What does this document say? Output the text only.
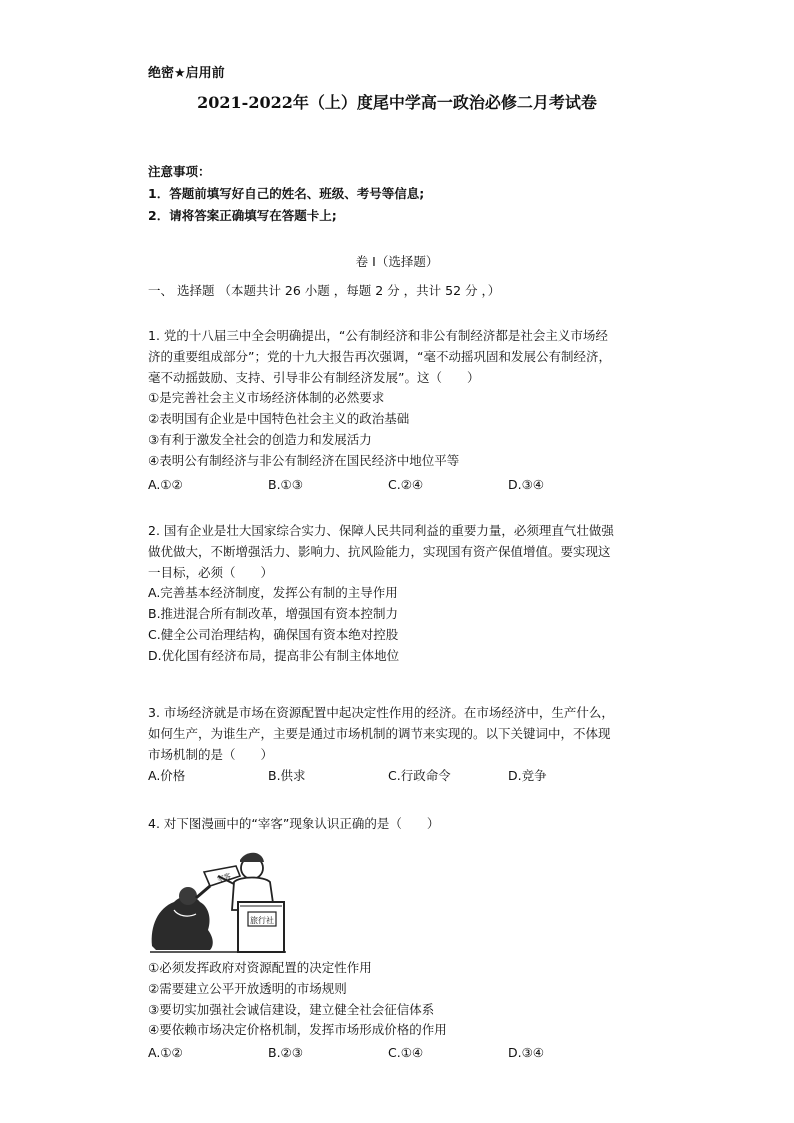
绝密★启用前
2021-2022年（上）度尾中学高一政治必修二月考试卷
注意事项：
1．答题前填写好自己的姓名、班级、考号等信息;
2．请将答案正确填写在答题卡上;
卷 I（选择题）
一、 选择题 （本题共计 26 小题 ，每题 2 分 ，共计 52 分 ，）
1. 党的十八届三中全会明确提出，“公有制经济和非公有制经济都是社会主义市场经
济的重要组成部分”；党的十九大报告再次强调，“毫不动摇巩固和发展公有制经济，
毫不动摇鼓励、支持、引导非公有制经济发展”。这（　　）
①是完善社会主义市场经济体制的必然要求
②表明国有企业是中国特色社会主义的政治基础
③有利于激发全社会的创造力和发展活力
④表明公有制经济与非公有制经济在国民经济中地位平等
A.①②	B.①③	C.②④	D.③④
2. 国有企业是壮大国家综合实力、保障人民共同利益的重要力量，必须理直气壮做强
做优做大，不断增强活力、影响力、抗风险能力，实现国有资产保值增值。要实现这
一目标，必须（　　）
A.完善基本经济制度，发挥公有制的主导作用
B.推进混合所有制改革，增强国有资本控制力
C.健全公司治理结构，确保国有资本绝对控股
D.优化国有经济布局，提高非公有制主体地位
3. 市场经济就是市场在资源配置中起决定性作用的经济。在市场经济中，生产什么，
如何生产，为谁生产，主要是通过市场机制的调节来实现的。以下关键词中，不体现
市场机制的是（　　）
A.价格	B.供求	C.行政命令	D.竞争
4. 对下图漫画中的“宰客”现象认识正确的是（　　）
旅行社
宰客
①必须发挥政府对资源配置的决定性作用
②需要建立公平开放透明的市场规则
③要切实加强社会诚信建设，建立健全社会征信体系
④要依赖市场决定价格机制，发挥市场形成价格的作用
A.①②	B.②③	C.①④	D.③④
